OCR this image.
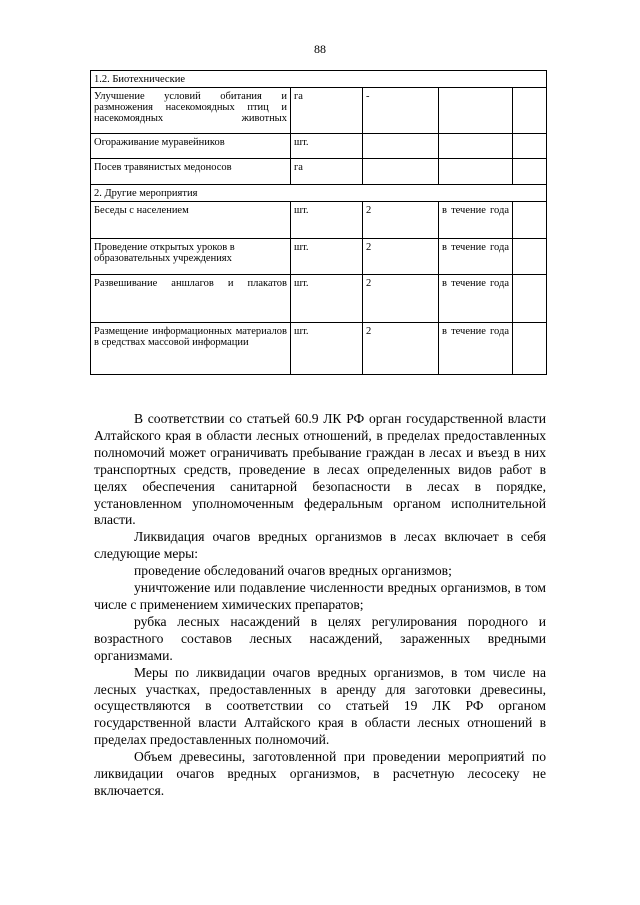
88
1.2. Биотехнические				
Улучшение условий обитания и размножения насекомоядных птиц и насекомоядных животных	га	-		
Огораживание муравейников	шт.			
Посев травянистых медоносов	га			
2. Другие мероприятия				
Беседы с населением	шт.	2	в течение года	
Проведение открытых уроков в образовательных учреждениях	шт.	2	в течение года	
Развешивание аншлагов и плакатов	шт.	2	в течение года	
Размещение информационных материалов в средствах массовой информации	шт.	2	в течение года	

В соответствии со статьей 60.9 ЛК РФ орган государственной власти Алтайского края в области лесных отношений, в пределах предоставленных полномочий может ограничивать пребывание граждан в лесах и въезд в них транспортных средств, проведение в лесах определенных видов работ в целях обеспечения санитарной безопасности в лесах в порядке, установленном уполномоченным федеральным органом исполнительной власти.

Ликвидация очагов вредных организмов в лесах включает в себя следующие меры:

проведение обследований очагов вредных организмов;

уничтожение или подавление численности вредных организмов, в том числе с применением химических препаратов;

рубка лесных насаждений в целях регулирования породного и возрастного составов лесных насаждений, зараженных вредными организмами.

Меры по ликвидации очагов вредных организмов, в том числе на лесных участках, предоставленных в аренду для заготовки древесины, осуществляются в соответствии со статьей 19 ЛК РФ органом государственной власти Алтайского края в области лесных отношений в пределах предоставленных полномочий.

Объем древесины, заготовленной при проведении мероприятий по ликвидации очагов вредных организмов, в расчетную лесосеку не включается.
